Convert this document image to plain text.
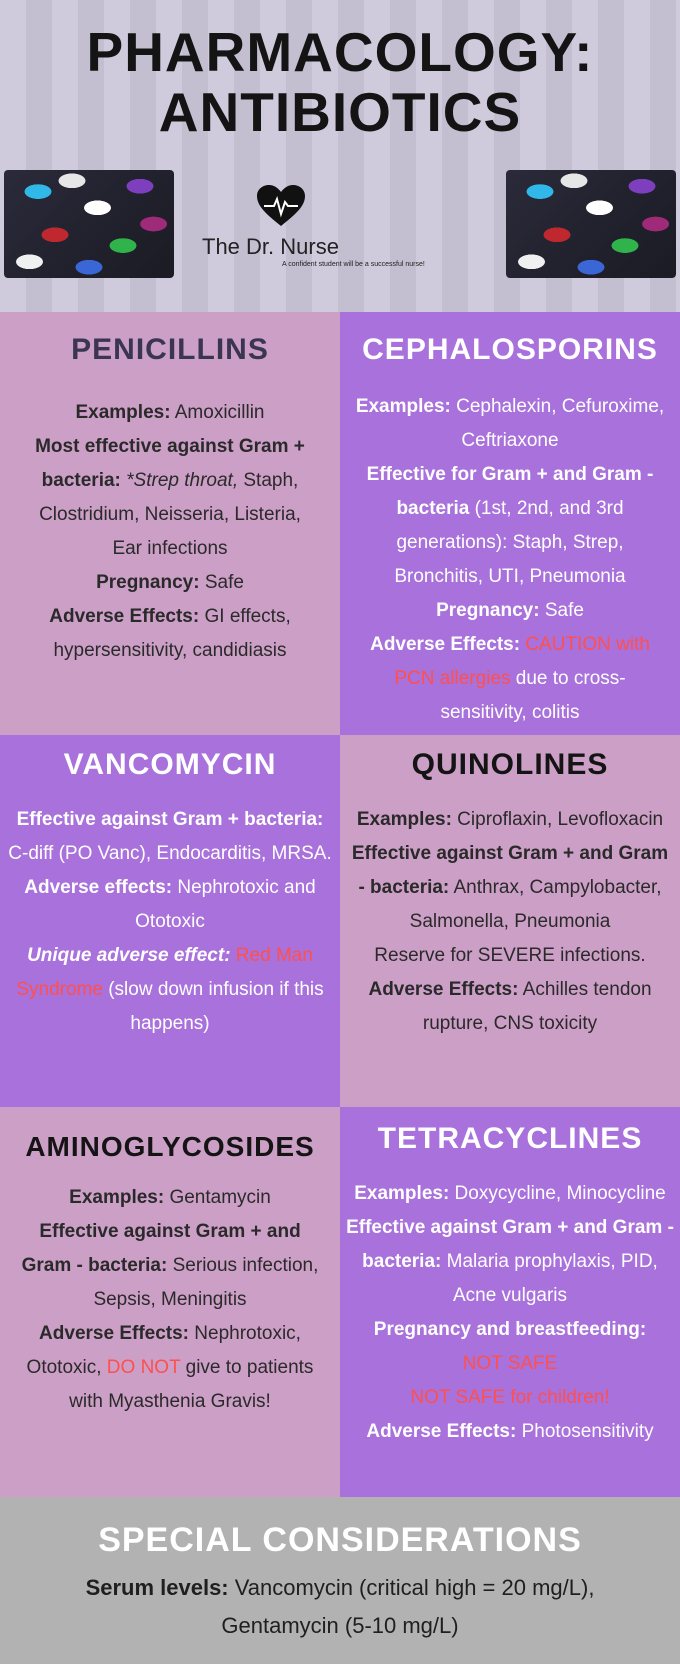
PHARMACOLOGY:
ANTIBIOTICS
The Dr. Nurse
A confident student will be a successful nurse!
PENICILLINS

Examples: Amoxicillin
Most effective against Gram + bacteria: *Strep throat, Staph, Clostridium, Neisseria, Listeria, Ear infections
Pregnancy: Safe
Adverse Effects: GI effects, hypersensitivity, candidiasis

CEPHALOSPORINS

Examples: Cephalexin, Cefuroxime, Ceftriaxone
Effective for Gram + and Gram - bacteria (1st, 2nd, and 3rd generations): Staph, Strep, Bronchitis, UTI, Pneumonia
Pregnancy: Safe
Adverse Effects: CAUTION with PCN allergies due to cross-sensitivity, colitis

VANCOMYCIN

Effective against Gram + bacteria: C-diff (PO Vanc), Endocarditis, MRSA.
Adverse effects: Nephrotoxic and Ototoxic
Unique adverse effect: Red Man Syndrome (slow down infusion if this happens)

QUINOLINES

Examples: Ciproflaxin, Levofloxacin
Effective against Gram + and Gram - bacteria: Anthrax, Campylobacter, Salmonella, Pneumonia
Reserve for SEVERE infections.
Adverse Effects: Achilles tendon rupture, CNS toxicity

AMINOGLYCOSIDES

Examples: Gentamycin
Effective against Gram + and Gram - bacteria: Serious infection, Sepsis, Meningitis
Adverse Effects: Nephrotoxic, Ototoxic, DO NOT give to patients with Myasthenia Gravis!

TETRACYCLINES

Examples: Doxycycline, Minocycline
Effective against Gram + and Gram - bacteria: Malaria prophylaxis, PID, Acne vulgaris
Pregnancy and breastfeeding:
NOT SAFE
NOT SAFE for children!
Adverse Effects: Photosensitivity

SPECIAL CONSIDERATIONS

Serum levels: Vancomycin (critical high = 20 mg/L), Gentamycin (5-10 mg/L)
